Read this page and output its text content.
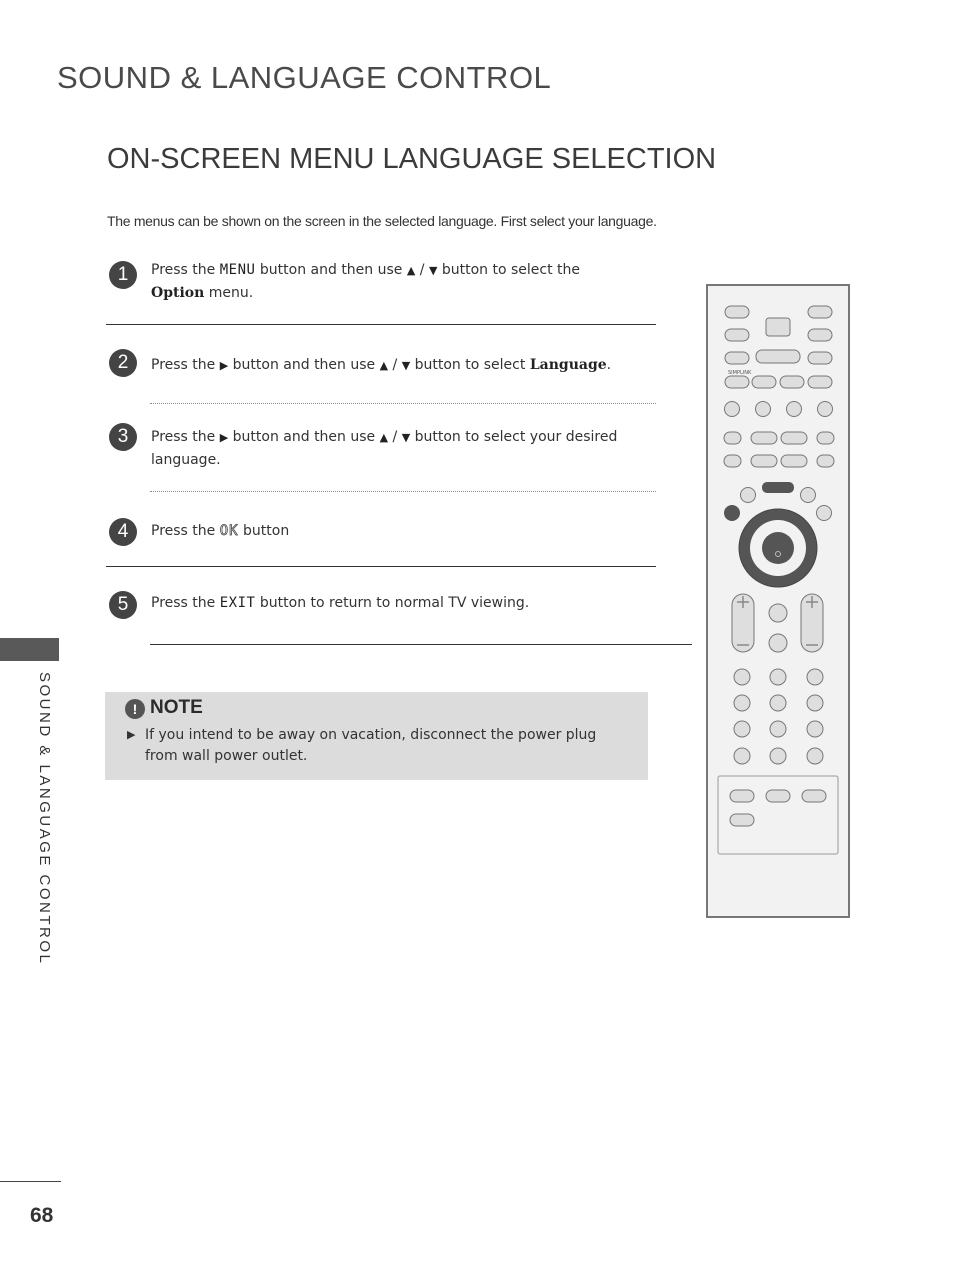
SOUND & LANGUAGE CONTROL
ON-SCREEN MENU LANGUAGE SELECTION
The menus can be shown on the screen in the selected language. First select your language.
1	Press the MENU button and then use ▲ / ▼ button to select the
Option menu.
2	Press the ▶ button and then use ▲ / ▼ button to select Language.
3	Press the ▶ button and then use ▲ / ▼ button to select your desired
language.
4	Press the OK button
5	Press the EXIT button to return to normal TV viewing.
! NOTE
▶ If you intend to be away on vacation, disconnect the power plug from wall power outlet.
SOUND & LANGUAGE CONTROL
68
SIMPLINK
